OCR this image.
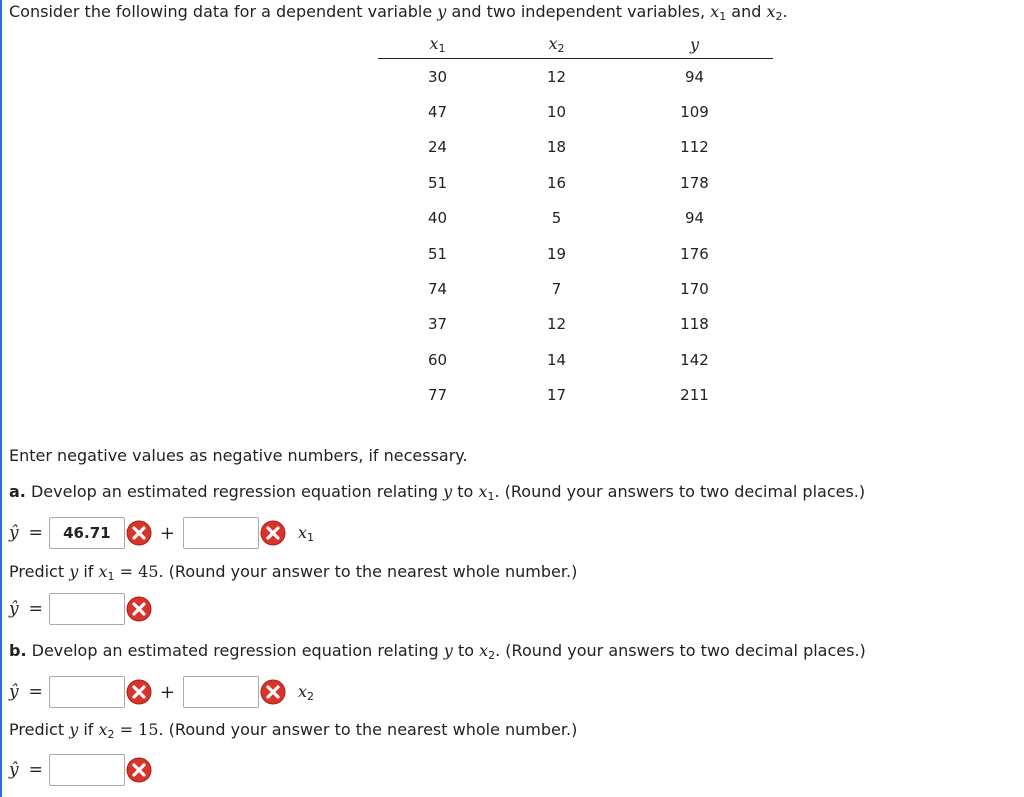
Consider the following data for a dependent variable y and two independent variables, $x_1$ and $x_2$.
$x_1$	$x_2$	y
30	12	94
47	10	109
24	18	112
51	16	178
40	5	94
51	19	176
74	7	170
37	12	118
60	14	142
77	17	211
Enter negative values as negative numbers, if necessary.
a. Develop an estimated regression equation relating y to $x_1$. (Round your answers to two decimal places.)
ŷ =	46.71	+	$x_1$
Predict y if $x_1 = 45$. (Round your answer to the nearest whole number.)
ŷ =
b. Develop an estimated regression equation relating y to $x_2$. (Round your answers to two decimal places.)
ŷ =	+	$x_2$
Predict y if $x_2 = 15$. (Round your answer to the nearest whole number.)
ŷ =
